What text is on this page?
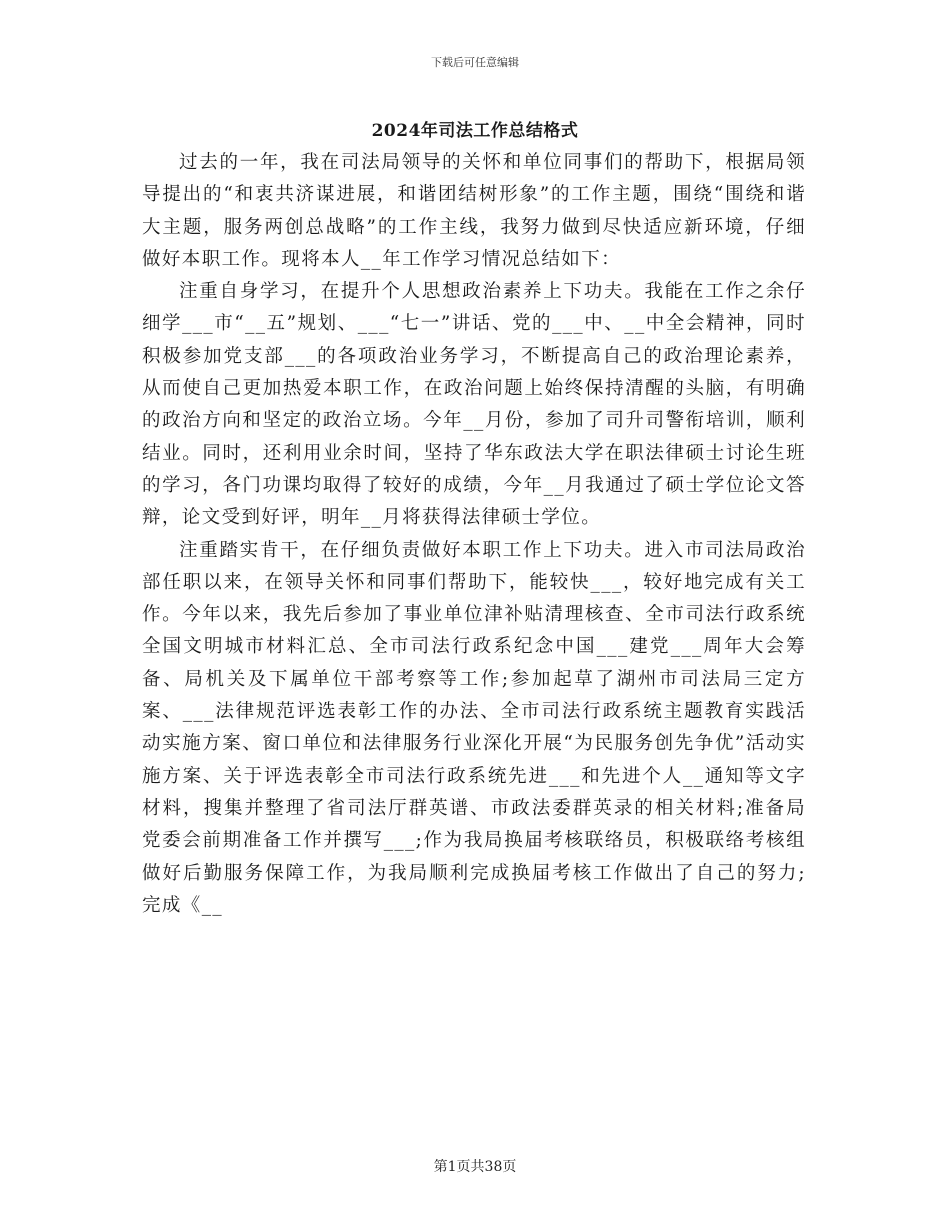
下载后可任意编辑
2024年司法工作总结格式

过去的一年，我在司法局领导的关怀和单位同事们的帮助下，根据局领导提出的“和衷共济谋进展，和谐团结树形象”的工作主题，围绕“围绕和谐大主题，服务两创总战略”的工作主线，我努力做到尽快适应新环境，仔细做好本职工作。现将本人__年工作学习情况总结如下：

注重自身学习，在提升个人思想政治素养上下功夫。我能在工作之余仔细学___市“__五”规划、___“七一”讲话、党的___中、__中全会精神，同时积极参加党支部___的各项政治业务学习，不断提高自己的政治理论素养，从而使自己更加热爱本职工作，在政治问题上始终保持清醒的头脑，有明确的政治方向和坚定的政治立场。今年__月份，参加了司升司警衔培训，顺利结业。同时，还利用业余时间，坚持了华东政法大学在职法律硕士讨论生班的学习，各门功课均取得了较好的成绩，今年__月我通过了硕士学位论文答辩，论文受到好评，明年__月将获得法律硕士学位。

注重踏实肯干，在仔细负责做好本职工作上下功夫。进入市司法局政治部任职以来，在领导关怀和同事们帮助下，能较快___，较好地完成有关工作。今年以来，我先后参加了事业单位津补贴清理核查、全市司法行政系统全国文明城市材料汇总、全市司法行政系纪念中国___建党___周年大会筹备、局机关及下属单位干部考察等工作;参加起草了湖州市司法局三定方案、___法律规范评选表彰工作的办法、全市司法行政系统主题教育实践活动实施方案、窗口单位和法律服务行业深化开展“为民服务创先争优”活动实施方案、关于评选表彰全市司法行政系统先进___和先进个人__通知等文字材料，搜集并整理了省司法厅群英谱、市政法委群英录的相关材料;准备局党委会前期准备工作并撰写___;作为我局换届考核联络员，积极联络考核组做好后勤服务保障工作，为我局顺利完成换届考核工作做出了自己的努力;完成《__

第1页共38页
